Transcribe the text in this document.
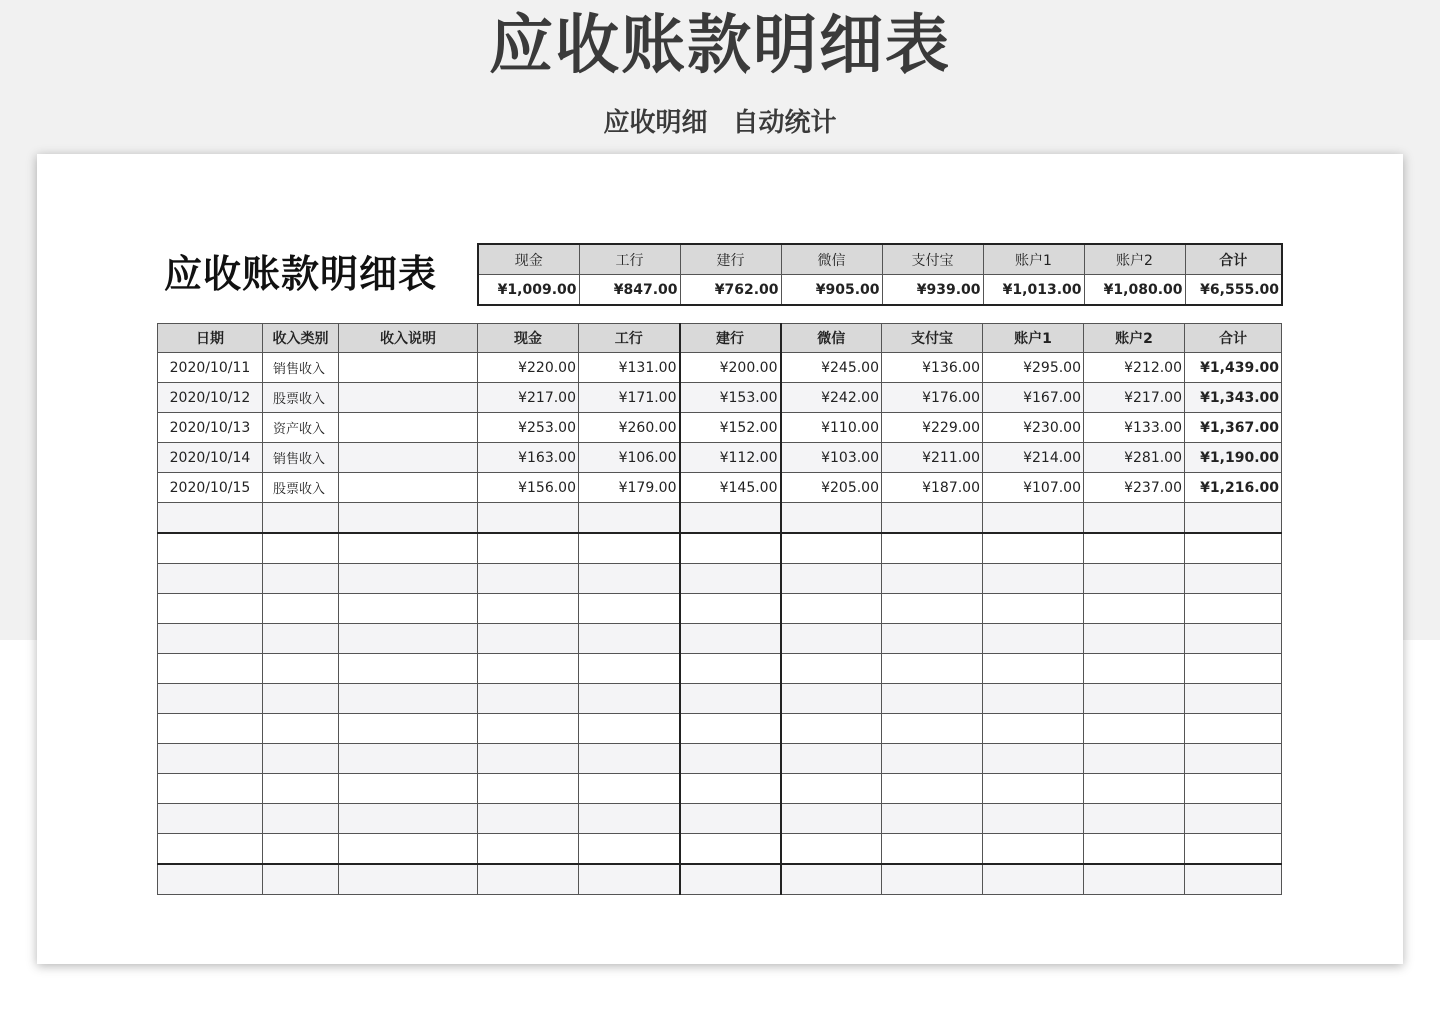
应收账款明细表
应收明细 自动统计
应收账款明细表	现金	工行	建行	微信	支付宝	账户1	账户2	合计
¥1,009.00	¥847.00	¥762.00	¥905.00	¥939.00	¥1,013.00	¥1,080.00	¥6,555.00
日期	收入类别	收入说明	现金	工行	建行	微信	支付宝	账户1	账户2	合计
2020/10/11	销售收入		¥220.00	¥131.00	¥200.00	¥245.00	¥136.00	¥295.00	¥212.00	¥1,439.00
2020/10/12	股票收入		¥217.00	¥171.00	¥153.00	¥242.00	¥176.00	¥167.00	¥217.00	¥1,343.00
2020/10/13	资产收入		¥253.00	¥260.00	¥152.00	¥110.00	¥229.00	¥230.00	¥133.00	¥1,367.00
2020/10/14	销售收入		¥163.00	¥106.00	¥112.00	¥103.00	¥211.00	¥214.00	¥281.00	¥1,190.00
2020/10/15	股票收入		¥156.00	¥179.00	¥145.00	¥205.00	¥187.00	¥107.00	¥237.00	¥1,216.00
